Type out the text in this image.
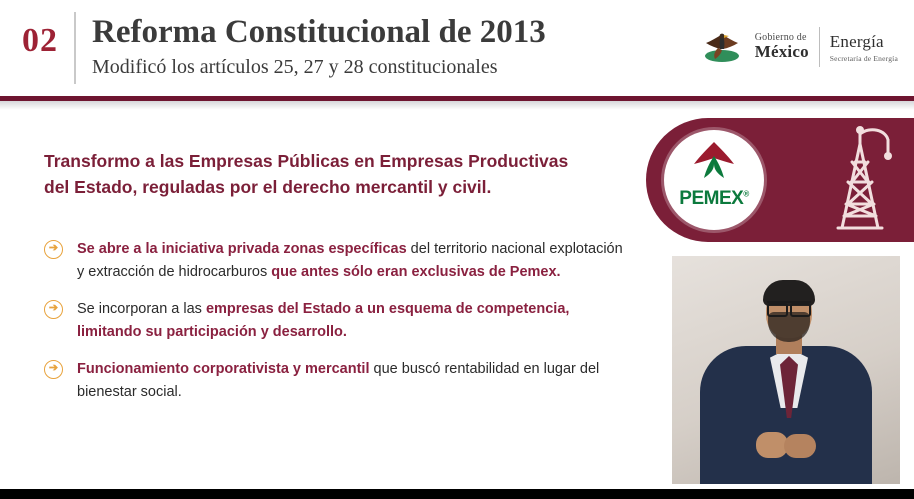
02 Reforma Constitucional de 2013
Modificó los artículos 25, 27 y 28 constitucionales
Gobierno de
México
Energía
Secretaría de Energía
Transformo a las Empresas Públicas en Empresas Productivas del Estado, reguladas por el derecho mercantil y civil.
➔	Se abre a la iniciativa privada zonas específicas del territorio nacional explotación y extracción de hidrocarburos que antes sólo eran exclusivas de Pemex.
➔	Se incorporan a las empresas del Estado a un esquema de competencia, limitando su participación y desarrollo.
➔	Funcionamiento corporativista y mercantil que buscó rentabilidad en lugar del bienestar social.
PEMEX®
